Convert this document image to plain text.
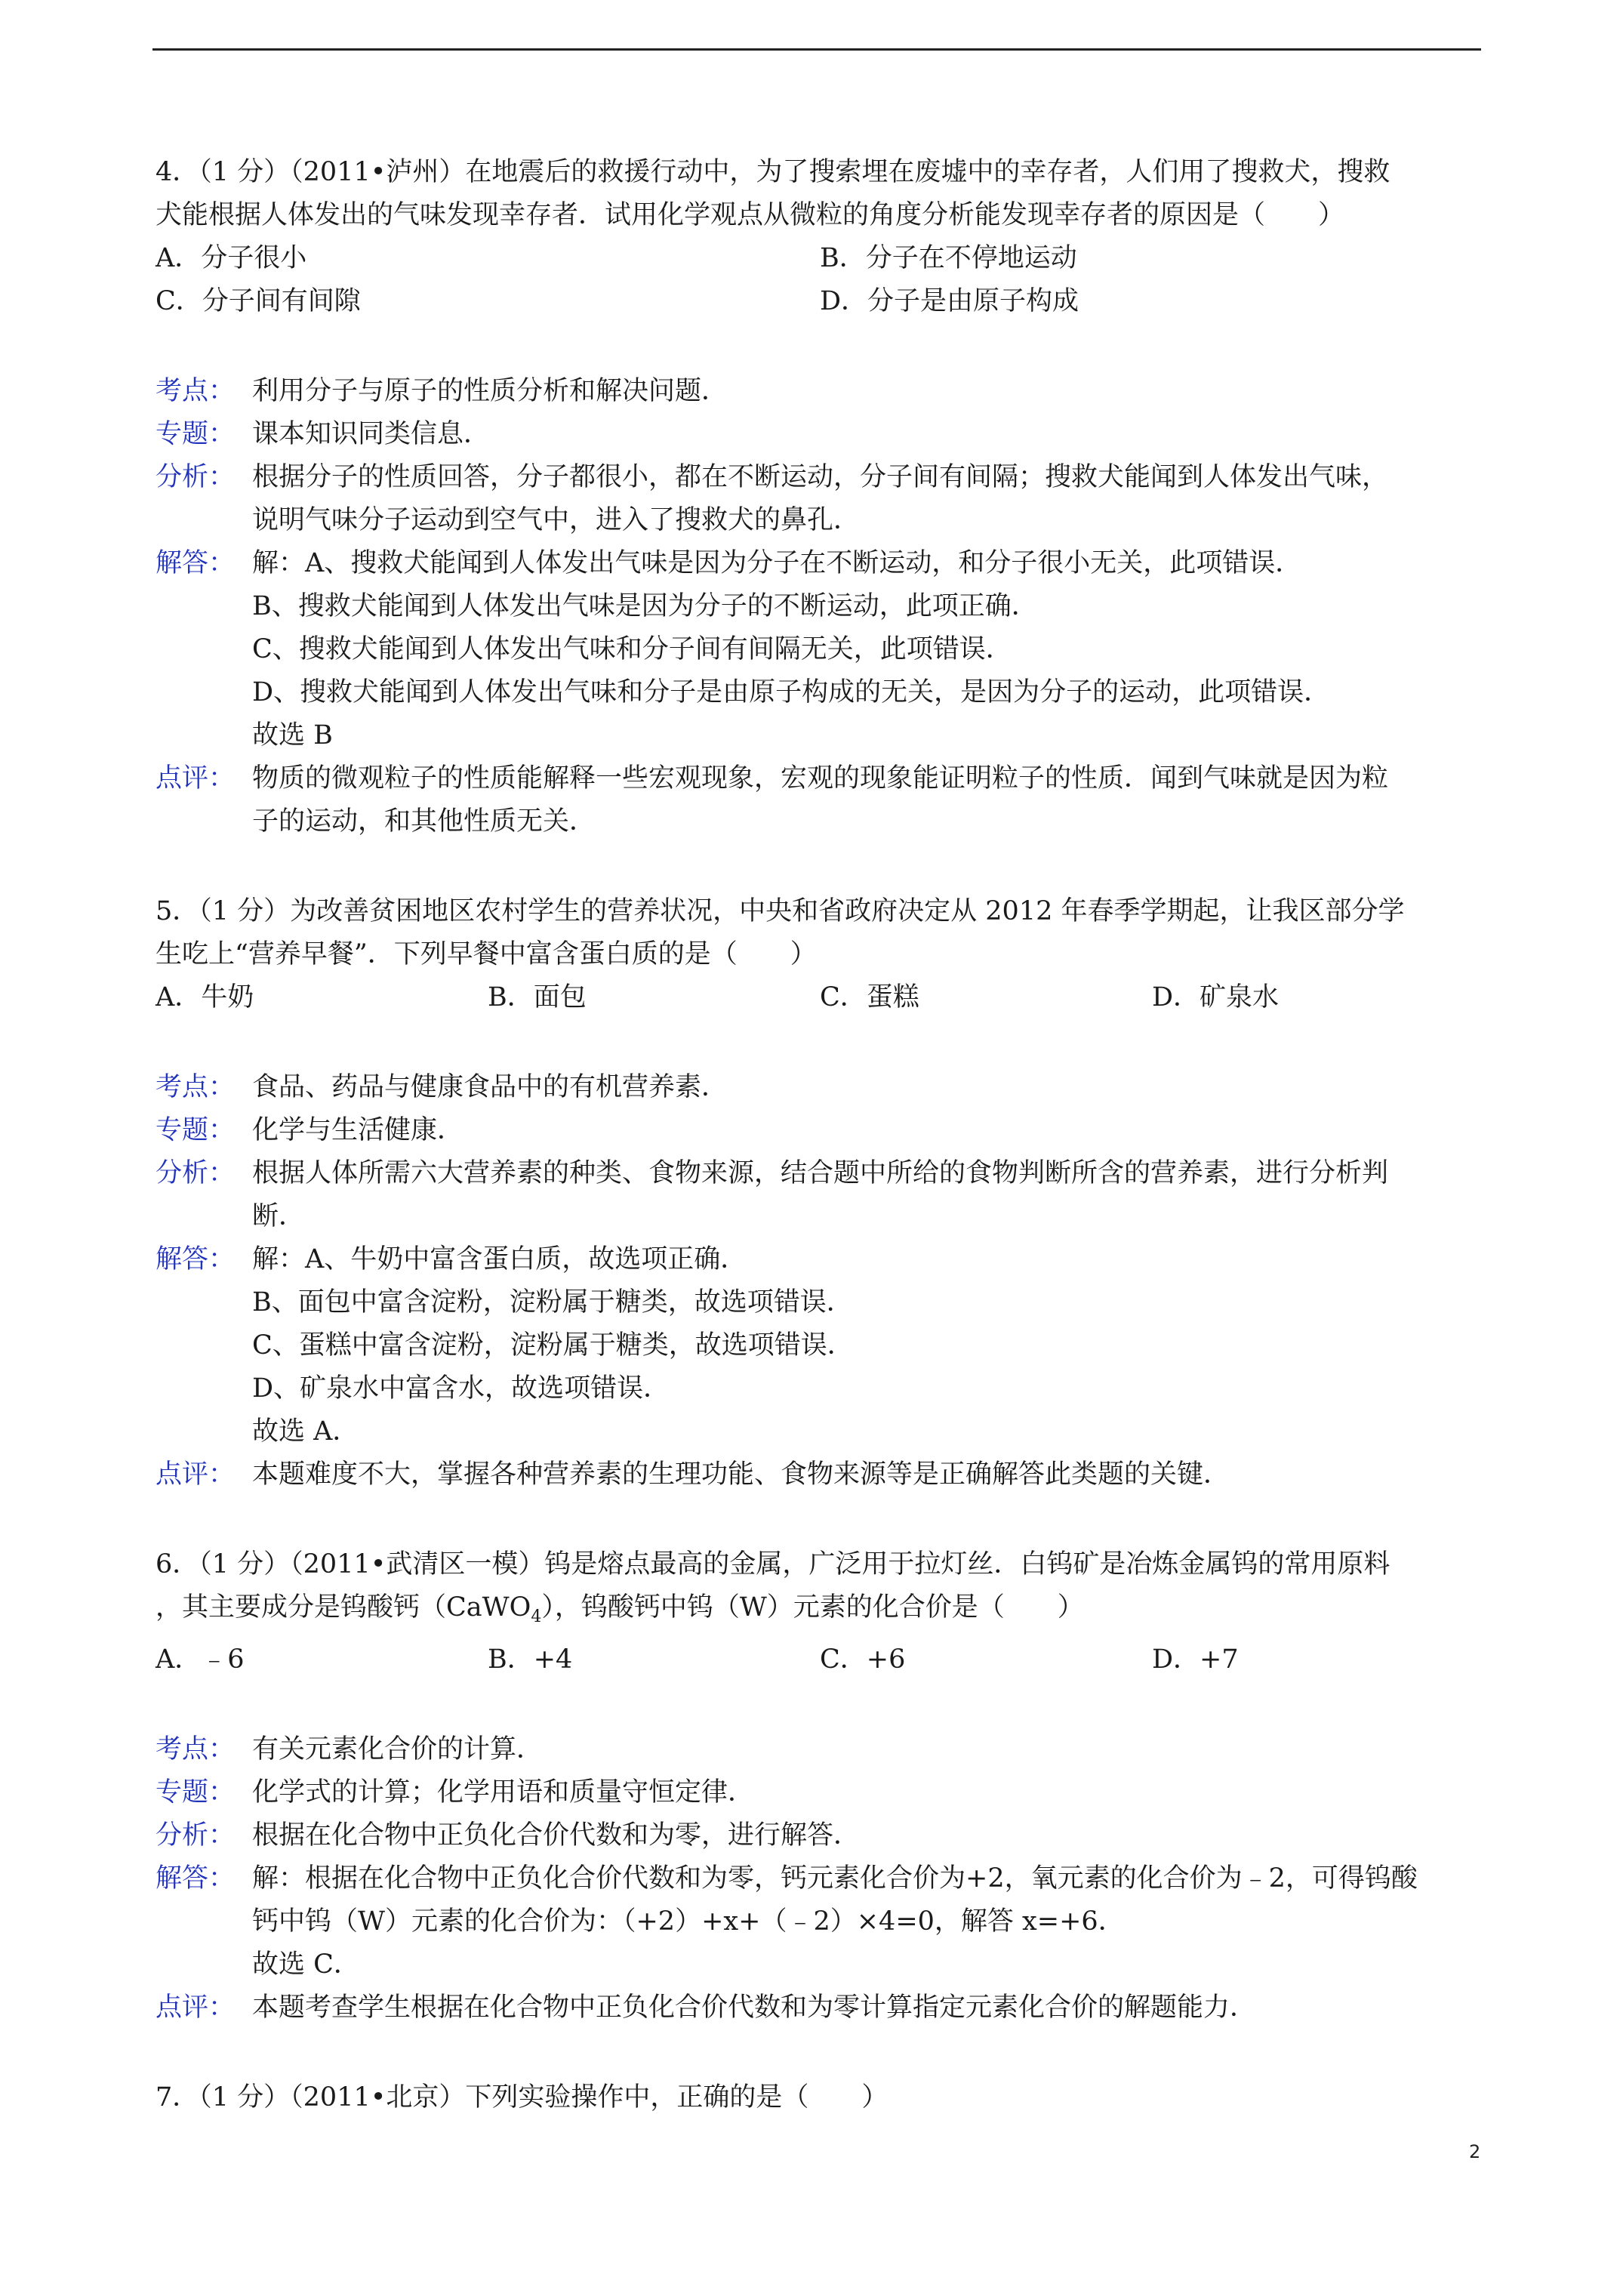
4．（1 分）（2011•泸州）在地震后的救援行动中，为了搜索埋在废墟中的幸存者，人们用了搜救犬，搜救
犬能根据人体发出的气味发现幸存者．试用化学观点从微粒的角度分析能发现幸存者的原因是（　　）
A．分子很小	B．分子在不停地运动
C．分子间有间隙	D．分子是由原子构成
考点： 利用分子与原子的性质分析和解决问题．
专题： 课本知识同类信息．
分析： 根据分子的性质回答，分子都很小，都在不断运动，分子间有间隔；搜救犬能闻到人体发出气味，
说明气味分子运动到空气中，进入了搜救犬的鼻孔．
解答： 解：A、搜救犬能闻到人体发出气味是因为分子在不断运动，和分子很小无关，此项错误．
B、搜救犬能闻到人体发出气味是因为分子的不断运动，此项正确．
C、搜救犬能闻到人体发出气味和分子间有间隔无关，此项错误．
D、搜救犬能闻到人体发出气味和分子是由原子构成的无关，是因为分子的运动，此项错误．
故选 B
点评： 物质的微观粒子的性质能解释一些宏观现象，宏观的现象能证明粒子的性质．闻到气味就是因为粒
子的运动，和其他性质无关．
5．（1 分）为改善贫困地区农村学生的营养状况，中央和省政府决定从 2012 年春季学期起，让我区部分学
生吃上“营养早餐”．下列早餐中富含蛋白质的是（　　）
A．牛奶	B．面包	C．蛋糕	D．矿泉水
考点： 食品、药品与健康食品中的有机营养素．
专题： 化学与生活健康．
分析： 根据人体所需六大营养素的种类、食物来源，结合题中所给的食物判断所含的营养素，进行分析判
断．
解答： 解：A、牛奶中富含蛋白质，故选项正确．
B、面包中富含淀粉，淀粉属于糖类，故选项错误．
C、蛋糕中富含淀粉，淀粉属于糖类，故选项错误．
D、矿泉水中富含水，故选项错误．
故选 A．
点评： 本题难度不大，掌握各种营养素的生理功能、食物来源等是正确解答此类题的关键．
6．（1 分）（2011•武清区一模）钨是熔点最高的金属，广泛用于拉灯丝．白钨矿是冶炼金属钨的常用原料
，其主要成分是钨酸钙（CaWO$_4$），钨酸钙中钨（W）元素的化合价是（　　）
A．﹣6	B．+4	C．+6	D．+7
考点： 有关元素化合价的计算．
专题： 化学式的计算；化学用语和质量守恒定律．
分析： 根据在化合物中正负化合价代数和为零，进行解答．
解答： 解：根据在化合物中正负化合价代数和为零，钙元素化合价为+2，氧元素的化合价为﹣2，可得钨酸
钙中钨（W）元素的化合价为：（+2）+x+（﹣2）×4=0，解答 x=+6．
故选 C．
点评： 本题考查学生根据在化合物中正负化合价代数和为零计算指定元素化合价的解题能力．
7．（1 分）（2011•北京）下列实验操作中，正确的是（　　）
2
